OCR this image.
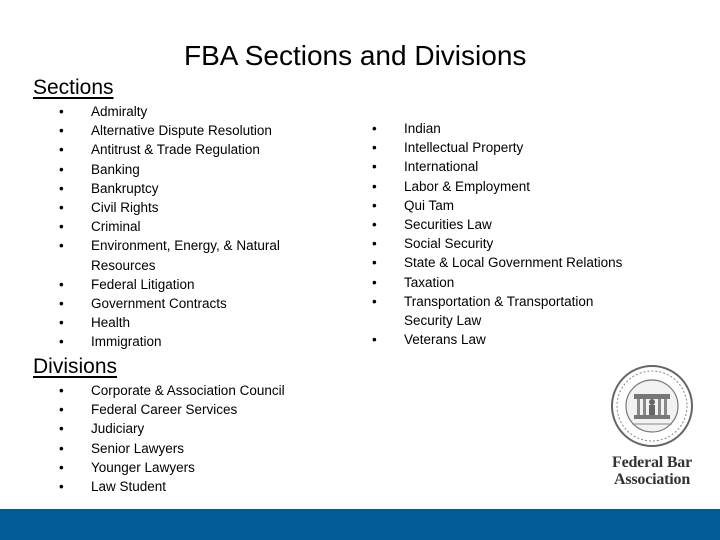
FBA Sections and Divisions
Sections
• Admiralty
• Alternative Dispute Resolution
• Antitrust & Trade Regulation
• Banking
• Bankruptcy
• Civil Rights
• Criminal
• Environment, Energy, & Natural Resources
• Federal Litigation
• Government Contracts
• Health
• Immigration
• Indian
• Intellectual Property
• International
• Labor & Employment
• Qui Tam
• Securities Law
• Social Security
• State & Local Government Relations
• Taxation
• Transportation & Transportation Security Law
• Veterans Law
Divisions
• Corporate & Association Council
• Federal Career Services
• Judiciary
• Senior Lawyers
• Younger Lawyers
• Law Student
Federal Bar
Association
